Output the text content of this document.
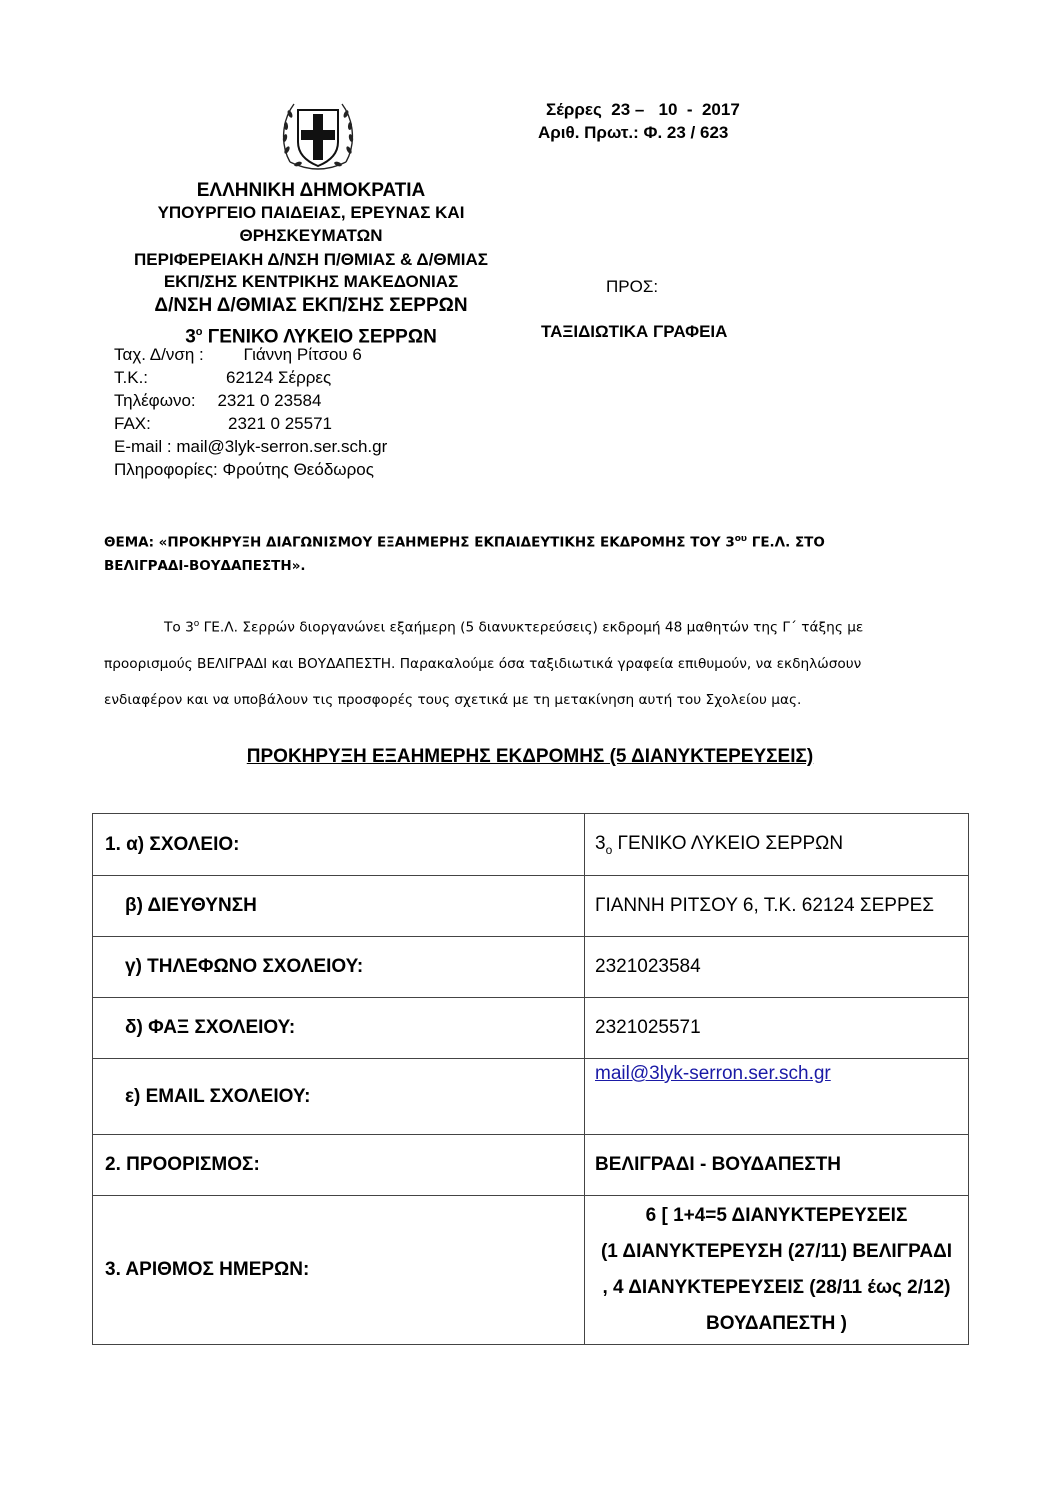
Σέρρες  23 –   10  -  2017
Αριθ. Πρωτ.: Φ. 23 / 623
ΕΛΛΗΝΙΚΗ ΔΗΜΟΚΡΑΤΙΑ
ΥΠΟΥΡΓΕΙΟ ΠΑΙΔΕΙΑΣ, ΕΡΕΥΝΑΣ ΚΑΙ
ΘΡΗΣΚΕΥΜΑΤΩΝ
ΠΕΡΙΦΕΡΕΙΑΚΗ Δ/ΝΣΗ Π/ΘΜΙΑΣ & Δ/ΘΜΙΑΣ
ΕΚΠ/ΣΗΣ ΚΕΝΤΡΙΚΗΣ ΜΑΚΕΔΟΝΙΑΣ
Δ/ΝΣΗ Δ/ΘΜΙΑΣ ΕΚΠ/ΣΗΣ ΣΕΡΡΩΝ
$3^o$ ΓΕΝΙΚΟ ΛΥΚΕΙΟ ΣΕΡΡΩΝ
Ταχ. Δ/νση :	Γιάννη Ρίτσου 6
Τ.Κ.:	62124 Σέρρες
Τηλέφωνο: 2321 0 23584
FAX:	2321 0 25571
E-mail : mail@3lyk-serron.ser.sch.gr
Πληροφορίες: Φρούτης Θεόδωρος
ΠΡΟΣ:
ΤΑΞΙΔΙΩΤΙΚΑ ΓΡΑΦΕΙΑ
ΘΕΜΑ: «ΠΡΟΚΗΡΥΞΗ ΔΙΑΓΩΝΙΣΜΟΥ ΕΞΑΗΜΕΡΗΣ ΕΚΠΑΙΔΕΥΤΙΚΗΣ ΕΚΔΡΟΜΗΣ ΤΟΥ $3^{o\upsilon}$ ΓΕ.Λ. ΣΤΟ
ΒΕΛΙΓΡΑΔΙ-ΒΟΥΔΑΠΕΣΤΗ».

Το $3^o$ ΓΕ.Λ. Σερρών διοργανώνει εξαήμερη (5 διανυκτερεύσεις) εκδρομή 48 μαθητών της Γ΄ τάξης με

προορισμούς ΒΕΛΙΓΡΑΔΙ και ΒΟΥΔΑΠΕΣΤΗ. Παρακαλούμε όσα ταξιδιωτικά γραφεία επιθυμούν, να εκδηλώσουν

ενδιαφέρον και να υποβάλουν τις προσφορές τους σχετικά με τη μετακίνηση αυτή του Σχολείου μας.

ΠΡΟΚΗΡΥΞΗ ΕΞΑΗΜΕΡΗΣ ΕΚΔΡΟΜΗΣ (5 ΔΙΑΝΥΚΤΕΡΕΥΣΕΙΣ)
1. α) ΣΧΟΛΕΙΟ:	$3_o$ ΓΕΝΙΚΟ ΛΥΚΕΙΟ ΣΕΡΡΩΝ
β) ΔΙΕΥΘΥΝΣΗ	ΓΙΑΝΝΗ ΡΙΤΣΟΥ 6, Τ.Κ. 62124 ΣΕΡΡΕΣ
γ) ΤΗΛΕΦΩΝΟ ΣΧΟΛΕΙΟΥ:	2321023584
δ) ΦΑΞ ΣΧΟΛΕΙΟΥ:	2321025571
ε) EMAIL ΣΧΟΛΕΙΟΥ:	mail@3lyk-serron.ser.sch.gr
2. ΠΡΟΟΡΙΣΜΟΣ:	ΒΕΛΙΓΡΑΔΙ - ΒΟΥΔΑΠΕΣΤΗ
3. ΑΡΙΘΜΟΣ ΗΜΕΡΩΝ:	6 [ 1+4=5 ΔΙΑΝΥΚΤΕΡΕΥΣΕΙΣ
(1 ΔΙΑΝΥΚΤΕΡΕΥΣΗ (27/11) ΒΕΛΙΓΡΑΔΙ
, 4 ΔΙΑΝΥΚΤΕΡΕΥΣΕΙΣ (28/11 έως 2/12)
ΒΟΥΔΑΠΕΣΤΗ )
